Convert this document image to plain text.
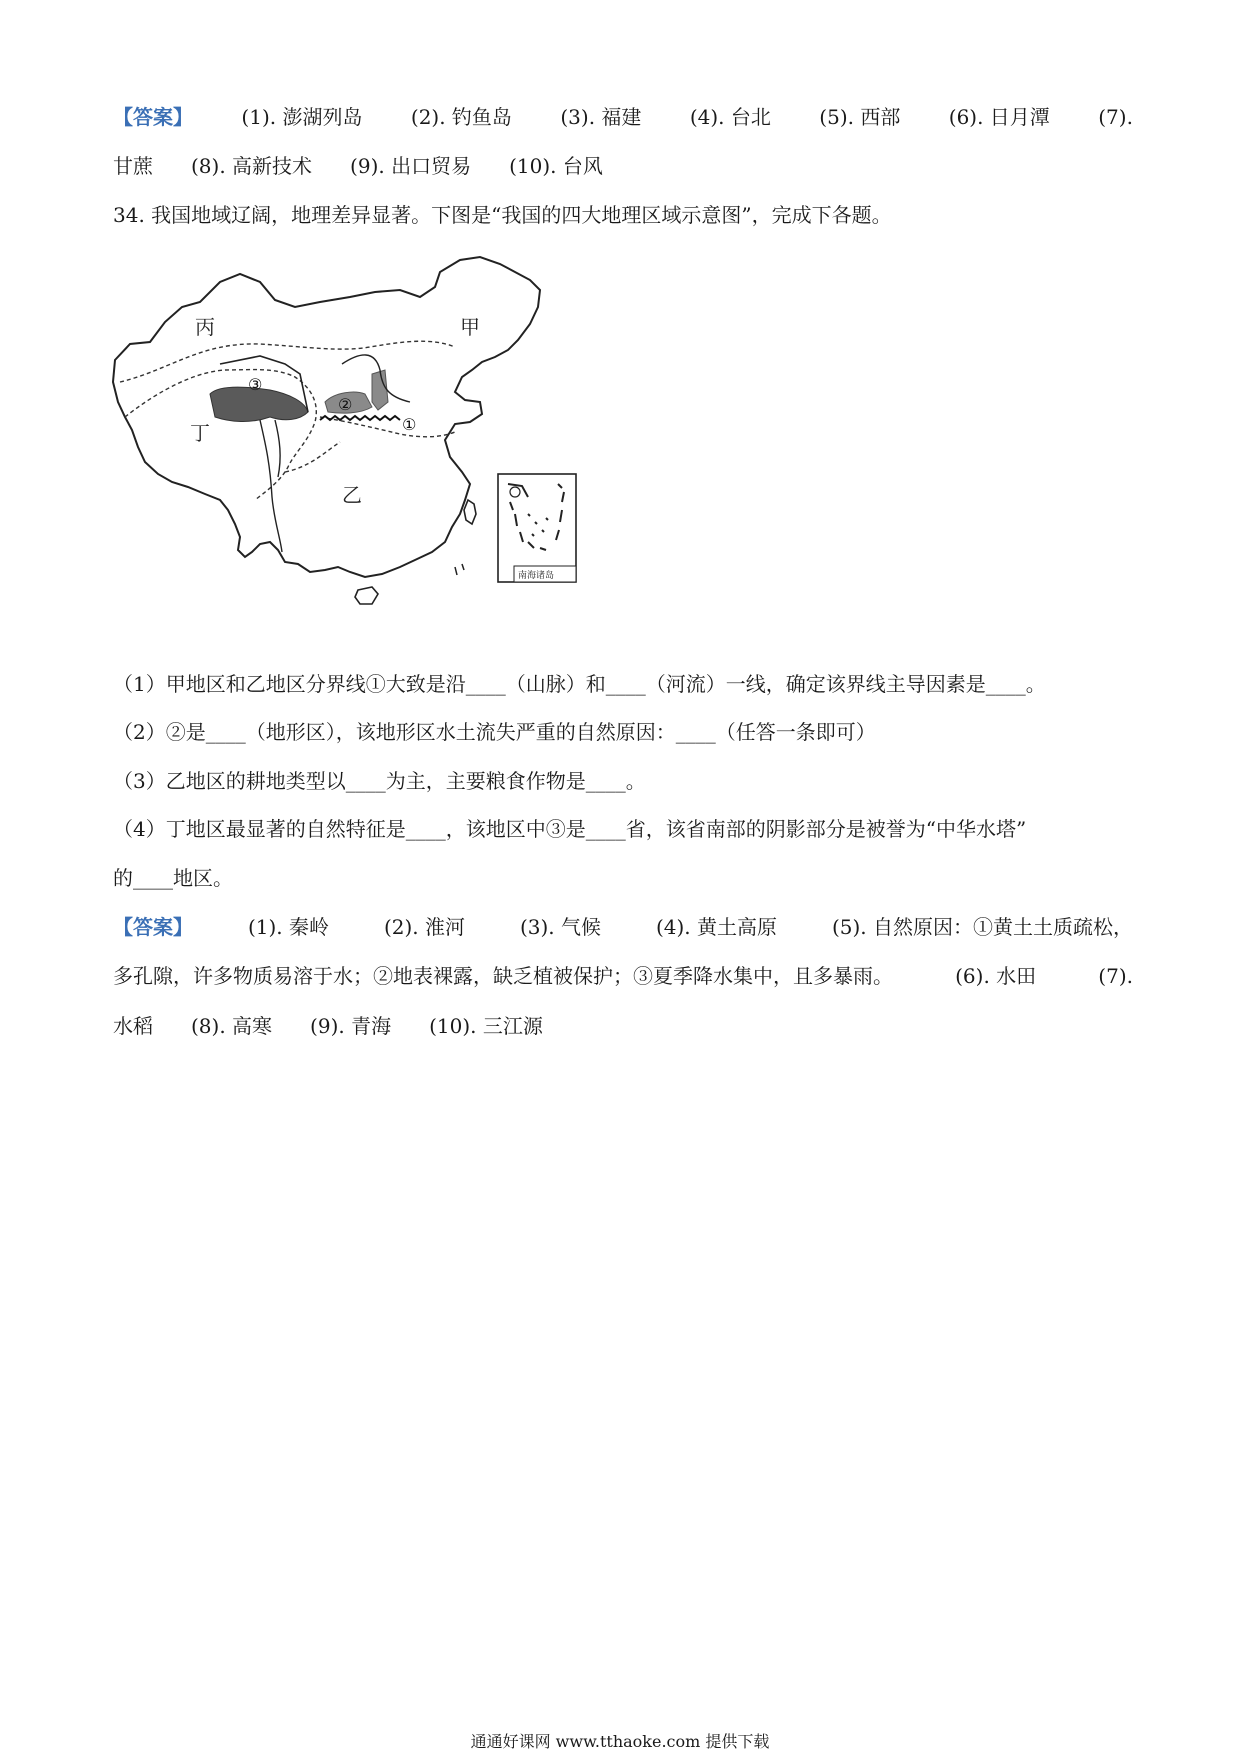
【答案】 (1). 澎湖列岛 (2). 钓鱼岛 (3). 福建 (4). 台北 (5). 西部 (6). 日月潭 (7).
甘蔗 (8). 高新技术 (9). 出口贸易 (10). 台风
34. 我国地域辽阔，地理差异显著。下图是“我国的四大地理区域示意图”，完成下各题。
丙	甲
丁
乙
③
②
①
南海诸岛
（1）甲地区和乙地区分界线①大致是沿____（山脉）和____（河流）一线，确定该界线主导因素是____。
（2）②是____（地形区），该地形区水土流失严重的自然原因：____（任答一条即可）
（3）乙地区的耕地类型以____为主，主要粮食作物是____。
（4）丁地区最显著的自然特征是____，该地区中③是____省，该省南部的阴影部分是被誉为“中华水塔”
的____地区。
【答案】	(1). 秦岭	(2). 淮河	(3). 气候	(4). 黄土高原	(5). 自然原因：①黄土土质疏松，
多孔隙，许多物质易溶于水；②地表裸露，缺乏植被保护；③夏季降水集中，且多暴雨。	(6). 水田	(7).
水稻 (8). 高寒 (9). 青海 (10). 三江源
通通好课网 www.tthaoke.com 提供下载
